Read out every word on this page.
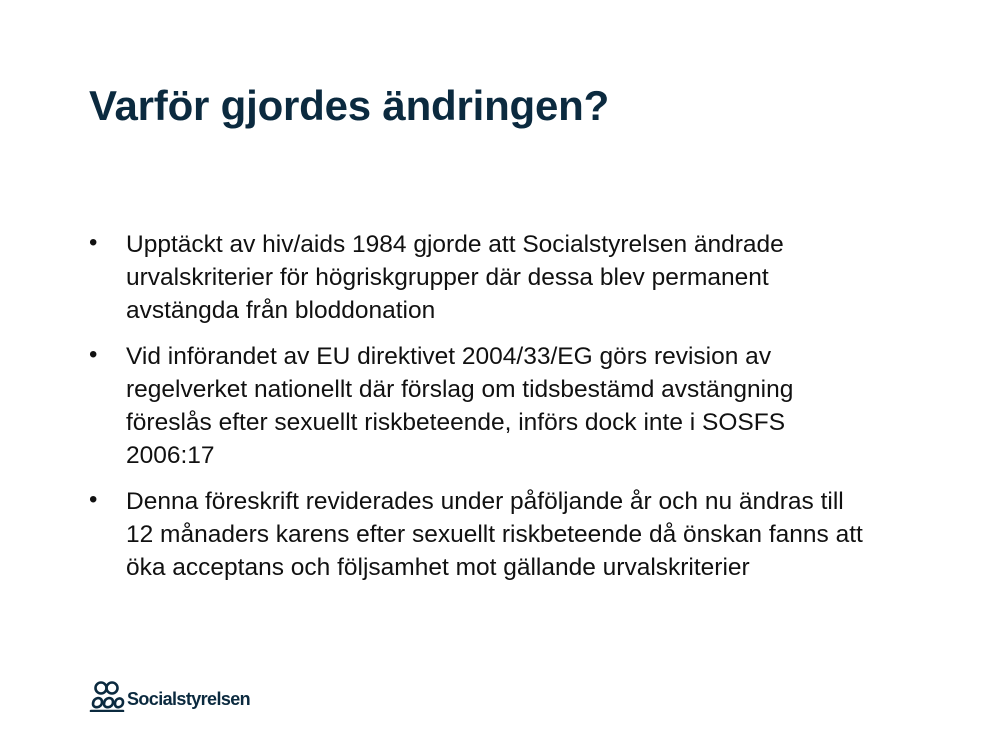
Varför gjordes ändringen?
• Upptäckt av hiv/aids 1984 gjorde att Socialstyrelsen ändrade urvalskriterier för högriskgrupper där dessa blev permanent avstängda från bloddonation
• Vid införandet av EU direktivet 2004/33/EG görs revision av regelverket nationellt där förslag om tidsbestämd avstängning föreslås efter sexuellt riskbeteende, införs dock inte i SOSFS 2006:17
• Denna föreskrift reviderades under påföljande år och nu ändras till 12 månaders karens efter sexuellt riskbeteende då önskan fanns att öka acceptans och följsamhet mot gällande urvalskriterier
Socialstyrelsen
